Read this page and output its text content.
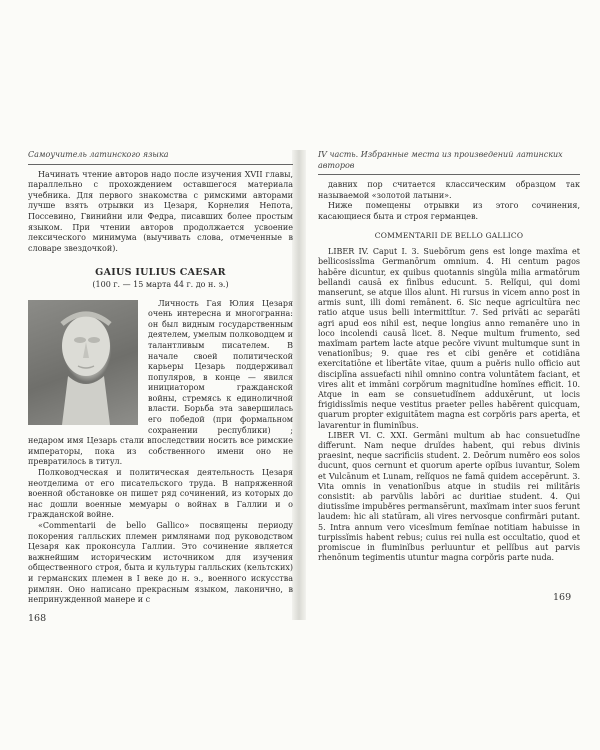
Самоучитель латинского языка

Начинать чтение авторов надо после изучения XVII главы, параллельно с прохождением оставшегося материала учебника. Для первого знакомства с римскими авторами лучше взять отрывки из Цезаря, Корнелия Непота, Поссевино, Гвинийни или Федра, писавших более простым языком. При чтении авторов продолжается усвоение лексического минимума (выучивать слова, отмеченные в словаре звездочкой).

GAIUS IULIUS CAESAR
(100 г. — 15 марта 44 г. до н. э.)

Личность Гая Юлия Цезаря очень интересна и многогранна: он был видным государственным деятелем, умелым полководцем и талантливым писателем. В начале своей политической карьеры Цезарь поддерживал популяров, в конце — явился инициатором гражданской войны, стремясь к единоличной власти. Борьба эта завершилась его победой (при формальном сохранении республики) ; недаром имя Цезарь стали впоследствии носить все римские императоры, пока из собственного имени оно не превратилось в титул.

Полководческая и политическая деятельность Цезаря неотделима от его писательского труда. В напряженной военной обстановке он пишет ряд сочинений, из которых до нас дошли военные мемуары о войнах в Галлии и о гражданской войне.

«Commentarii de bello Gallico» посвящены периоду покорения галльских племен римлянами под руководством Цезаря как проконсула Галлии. Это сочинение является важнейшим историческим источником для изучения общественного строя, быта и культуры галльских (кельтских) и германских племен в I веке до н. э., военного искусства римлян. Оно написано прекрасным языком, лаконично, в непринужденной манере и с

168
IV часть. Избранные места из произведений латинских авторов

давних пор считается классическим образцом так называемой «золотой латыни».

Ниже помещены отрывки из этого сочинения, касающиеся быта и строя германцев.

COMMENTARII DE BELLO GALLICO

LIBER IV. Caput I. 3. Suebōrum gens est longe maxĭma et bellicosissĭma Germanōrum omnium. 4. Hi centum pagos habēre dicuntur, ex quibus quotannis singŭla milia armatōrum bellandi causā ex finĭbus educunt. 5. Relĭqui, qui domi manserunt, se atque illos alunt. Hi rursus in vicem anno post in armis sunt, illi domi remānent. 6. Sic neque agricultūra nec ratio atque usus belli intermittĭtur. 7. Sed privāti ac separāti agri apud eos nihil est, neque longius anno remanēre uno in loco incolendi causā licet. 8. Neque multum frumento, sed maxĭmam partem lacte atque pecŏre vivunt multumque sunt in venationĭbus; 9. quae res et cibi genĕre et cotidiāna exercitatiōne et libertāte vitae, quum a puĕris nullo officio aut disciplīna assuefacti nihil omnino contra voluntātem faciant, et vires alit et immāni corpŏrum magnitudĭne homĭnes efficit. 10. Atque in eam se consuetudĭnem adduxērunt, ut locis frigidissĭmis neque vestitus praeter pelles habērent quicquam, quarum propter exiguitātem magna est corpŏris pars aperta, et lavarentur in fluminĭbus.

LIBER VI. C. XXI. Germāni multum ab hac consuetudĭne differunt. Nam neque druĭdes habent, qui rebus divinis praesint, neque sacrificiis student. 2. Deōrum numĕro eos solos ducunt, quos cernunt et quorum aperte opĭbus iuvantur, Solem et Vulcānum et Lunam, relĭquos ne famā quidem accepērunt. 3. Vita omnis in venationĭbus atque in studiis rei militāris consistit: ab parvŭlis labōri ac duritiae student. 4. Qui diutissĭme impubĕres permansērunt, maxĭmam inter suos ferunt laudem: hic ali statūram, ali vires nervosque confirmāri putant. 5. Intra annum vero vicesĭmum femĭnae notitiam habuisse in turpissĭmis habent rebus; cuius rei nulla est occultatio, quod et promiscue in fluminĭbus perluuntur et pellĭbus aut parvis rhenōnum tegimentis utuntur magna corpŏris parte nuda.

169
